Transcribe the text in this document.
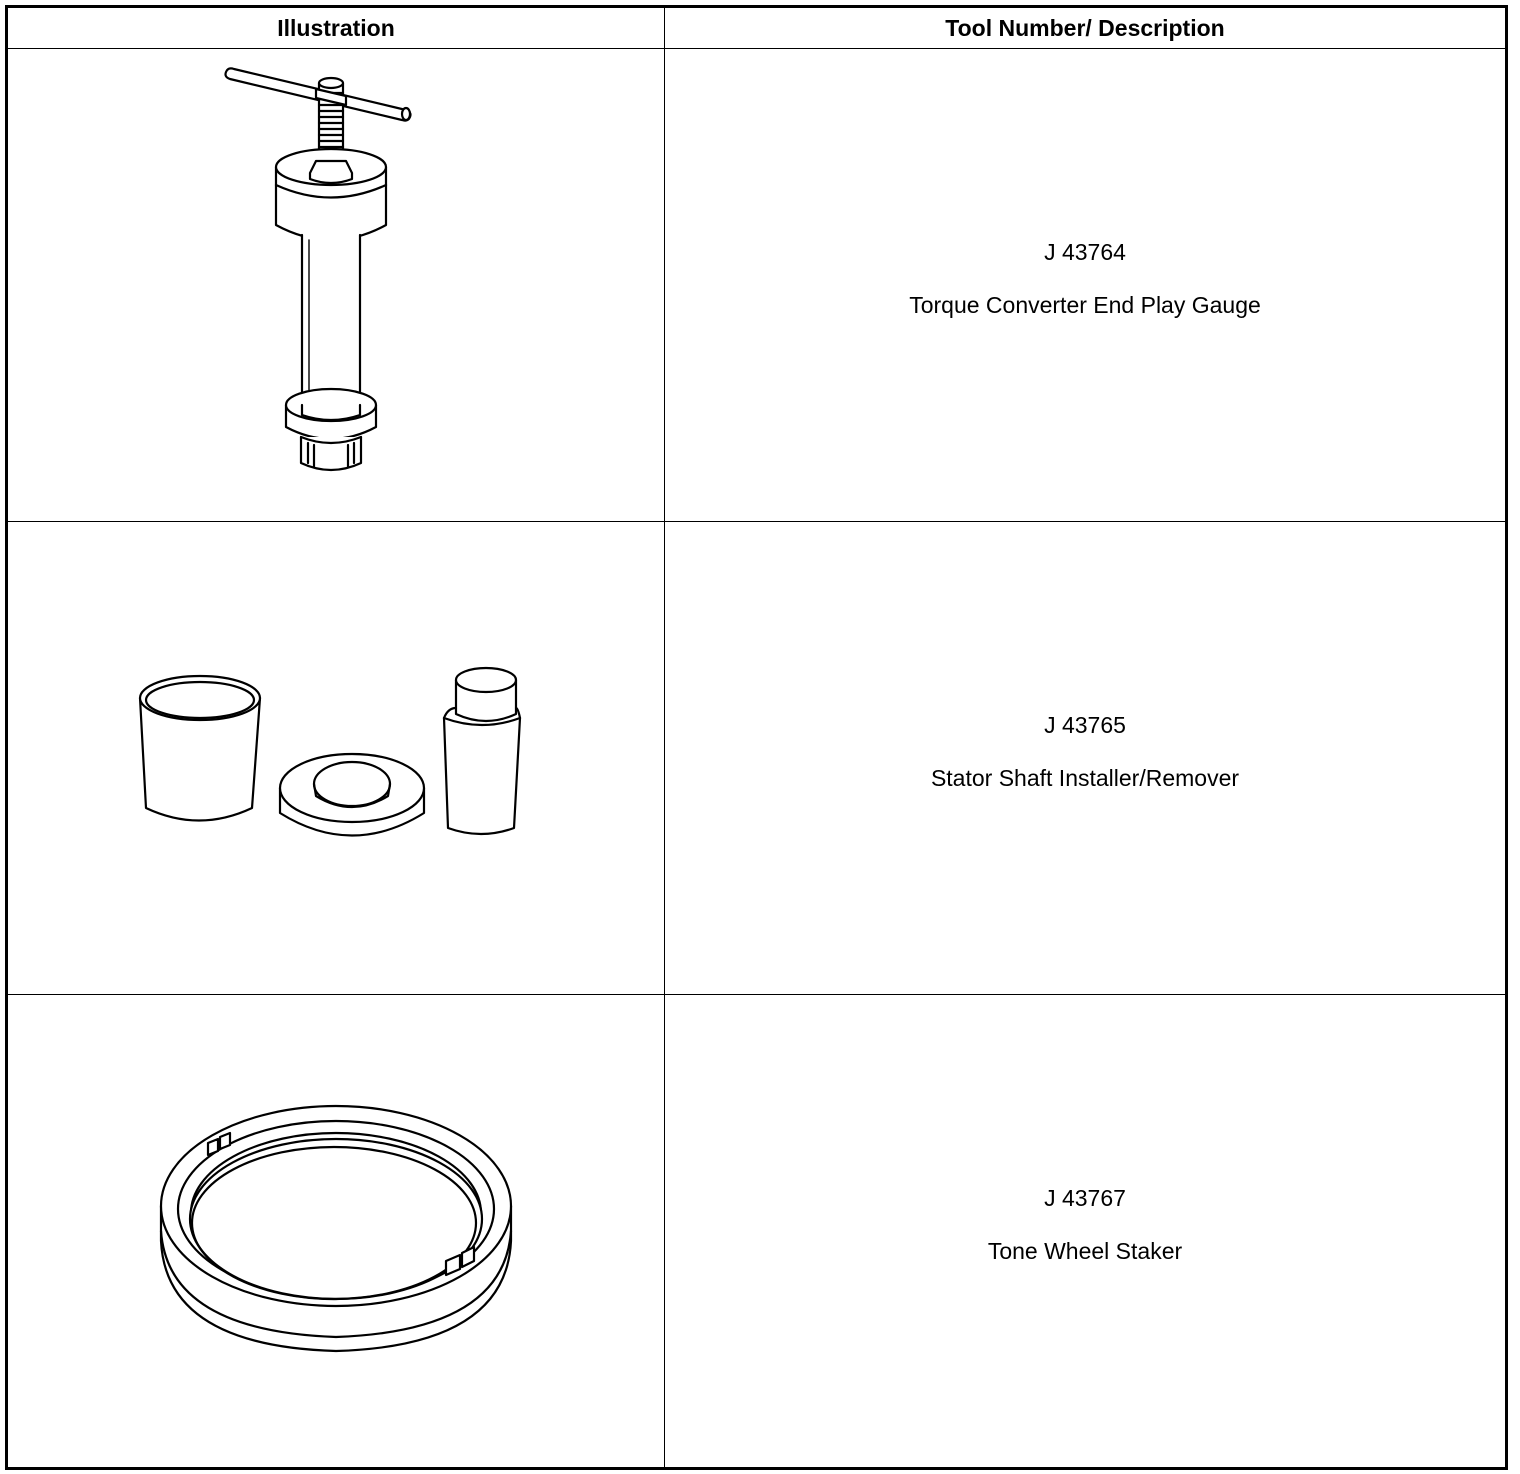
Illustration	Tool Number/ Description

J 43764
Torque Converter End Play Gauge

J 43765
Stator Shaft Installer/Remover

J 43767
Tone Wheel Staker
